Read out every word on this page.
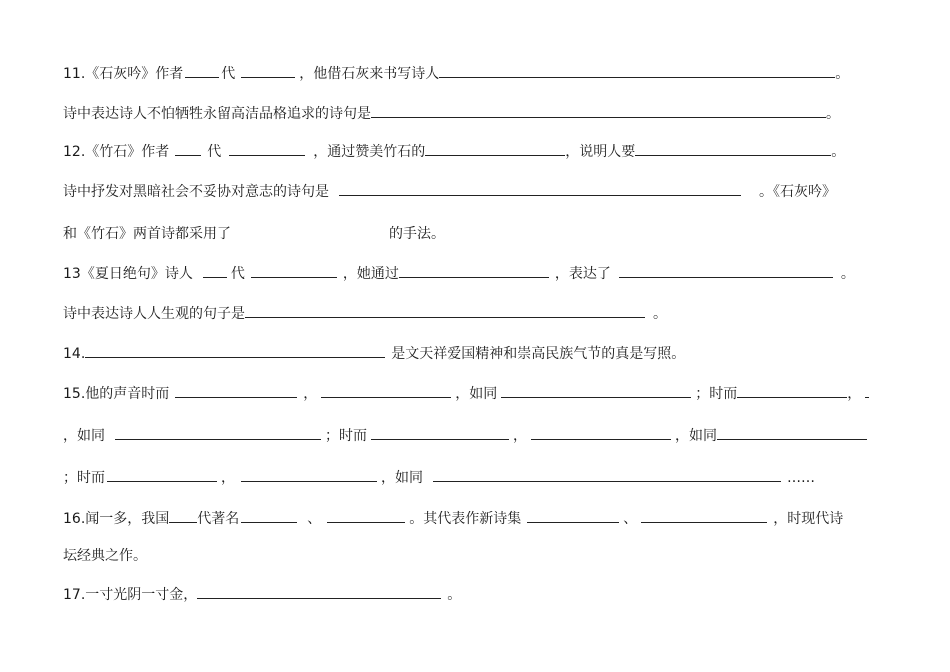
11.《石灰吟》作者	代	，他借石灰来书写诗人	。
诗中表达诗人不怕牺牲永留高洁品格追求的诗句是	。
12.《竹石》作者	代	，通过赞美竹石的	，说明人要	。
诗中抒发对黑暗社会不妥协对意志的诗句是	。《石灰吟》
和《竹石》两首诗都采用了	的手法。
13《夏日绝句》诗人	代	，她通过	，表达了	。
诗中表达诗人人生观的句子是	。
14.	是文天祥爱国精神和崇高民族气节的真是写照。
15.他的声音时而	，	，如同	；时而	，
，如同	；时而	，	，如同
；时而	，	，如同	……
16.闻一多，我国 代著名	、	。其代表作新诗集	、	，时现代诗
坛经典之作。
17.一寸光阴一寸金，	。
